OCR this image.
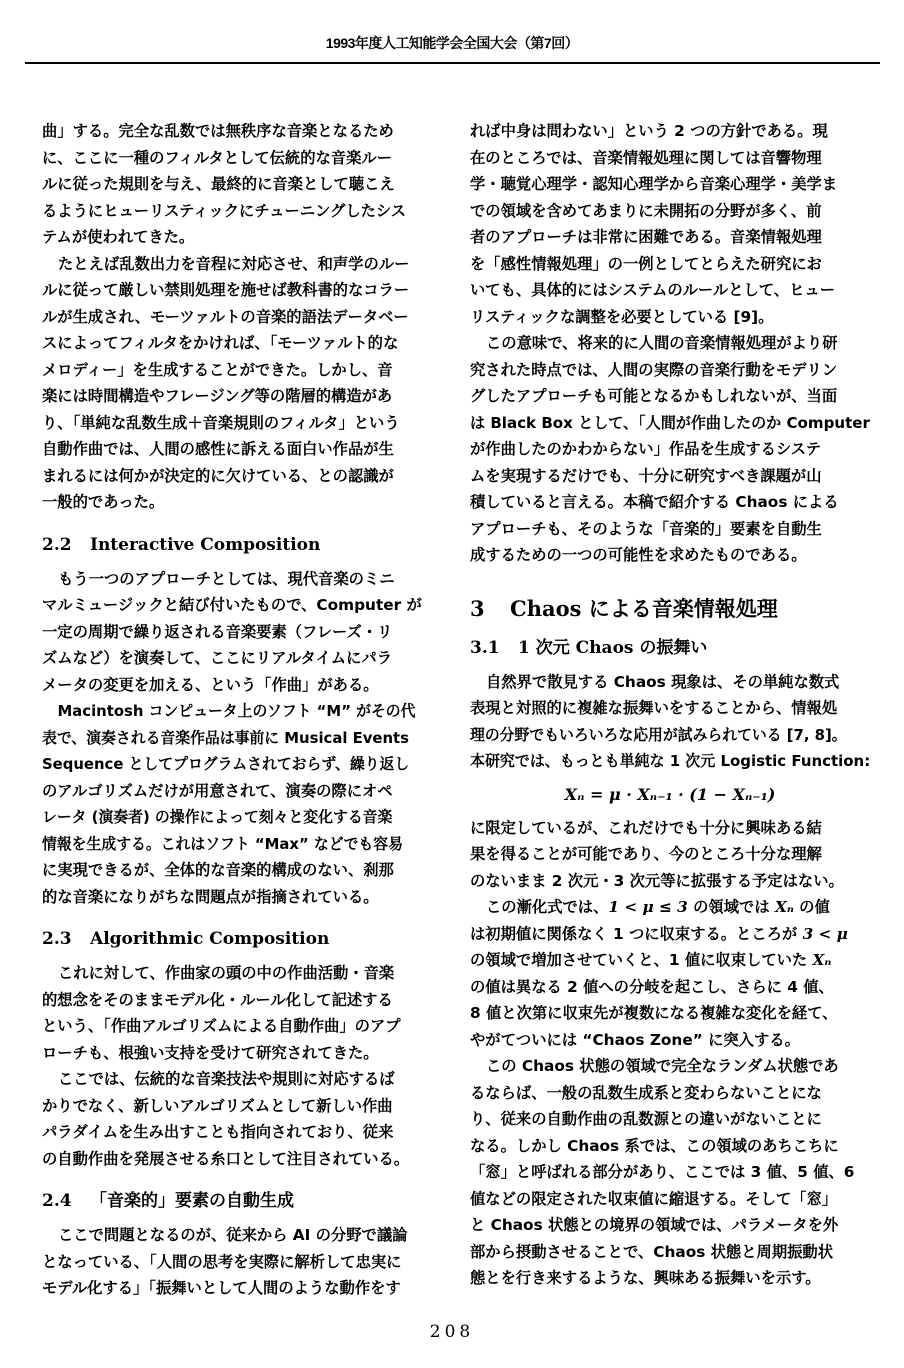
1993年度人工知能学会全国大会（第7回）
曲」する。完全な乱数では無秩序な音楽となるため
に、ここに一種のフィルタとして伝統的な音楽ルー
ルに従った規則を与え、最終的に音楽として聴こえ
るようにヒューリスティックにチューニングしたシス
テムが使われてきた。
たとえば乱数出力を音程に対応させ、和声学のルー
ルに従って厳しい禁則処理を施せば教科書的なコラー
ルが生成され、モーツァルトの音楽的語法データベー
スによってフィルタをかければ、「モーツァルト的な
メロディー」を生成することができた。しかし、音
楽には時間構造やフレージング等の階層的構造があ
り、「単純な乱数生成＋音楽規則のフィルタ」という
自動作曲では、人間の感性に訴える面白い作品が生
まれるには何かが決定的に欠けている、との認識が
一般的であった。
2.2 Interactive Composition
もう一つのアプローチとしては、現代音楽のミニ
マルミュージックと結び付いたもので、Computer が
一定の周期で繰り返される音楽要素（フレーズ・リ
ズムなど）を演奏して、ここにリアルタイムにパラ
メータの変更を加える、という「作曲」がある。
Macintosh コンピュータ上のソフト “M” がその代
表で、演奏される音楽作品は事前に Musical Events
Sequence としてプログラムされておらず、繰り返し
のアルゴリズムだけが用意されて、演奏の際にオペ
レータ (演奏者) の操作によって刻々と変化する音楽
情報を生成する。これはソフト “Max” などでも容易
に実現できるが、全体的な音楽的構成のない、刹那
的な音楽になりがちな問題点が指摘されている。
2.3 Algorithmic Composition
これに対して、作曲家の頭の中の作曲活動・音楽
的想念をそのままモデル化・ルール化して記述する
という、「作曲アルゴリズムによる自動作曲」のアプ
ローチも、根強い支持を受けて研究されてきた。
ここでは、伝統的な音楽技法や規則に対応するば
かりでなく、新しいアルゴリズムとして新しい作曲
パラダイムを生み出すことも指向されており、従来
の自動作曲を発展させる糸口として注目されている。
2.4 「音楽的」要素の自動生成
ここで問題となるのが、従来から AI の分野で議論
となっている、「人間の思考を実際に解析して忠実に
モデル化する」「振舞いとして人間のような動作をす
れば中身は問わない」という 2 つの方針である。現
在のところでは、音楽情報処理に関しては音響物理
学・聴覚心理学・認知心理学から音楽心理学・美学ま
での領域を含めてあまりに未開拓の分野が多く、前
者のアプローチは非常に困難である。音楽情報処理
を「感性情報処理」の一例としてとらえた研究にお
いても、具体的にはシステムのルールとして、ヒュー
リスティックな調整を必要としている [9]。
この意味で、将来的に人間の音楽情報処理がより研
究された時点では、人間の実際の音楽行動をモデリン
グしたアプローチも可能となるかもしれないが、当面
は Black Box として、「人間が作曲したのか Computer
が作曲したのかわからない」作品を生成するシステ
ムを実現するだけでも、十分に研究すべき課題が山
積していると言える。本稿で紹介する Chaos による
アプローチも、そのような「音楽的」要素を自動生
成するための一つの可能性を求めたものである。
3 Chaos による音楽情報処理
3.1 1 次元 Chaos の振舞い
自然界で散見する Chaos 現象は、その単純な数式
表現と対照的に複雑な振舞いをすることから、情報処
理の分野でもいろいろな応用が試みられている [7, 8]。
本研究では、もっとも単純な 1 次元 Logistic Function:
Xₙ = μ · Xₙ₋₁ · (1 − Xₙ₋₁)
に限定しているが、これだけでも十分に興味ある結
果を得ることが可能であり、今のところ十分な理解
のないまま 2 次元・3 次元等に拡張する予定はない。
この漸化式では、1 < μ ≤ 3 の領域では Xₙ の値
は初期値に関係なく 1 つに収束する。ところが 3 < μ
の領域で増加させていくと、1 値に収束していた Xₙ
の値は異なる 2 値への分岐を起こし、さらに 4 値、
8 値と次第に収束先が複数になる複雑な変化を経て、
やがてついには “Chaos Zone” に突入する。
この Chaos 状態の領域で完全なランダム状態であ
るならば、一般の乱数生成系と変わらないことにな
り、従来の自動作曲の乱数源との違いがないことに
なる。しかし Chaos 系では、この領域のあちこちに
「窓」と呼ばれる部分があり、ここでは 3 値、5 値、6
値などの限定された収束値に縮退する。そして「窓」
と Chaos 状態との境界の領域では、パラメータを外
部から摂動させることで、Chaos 状態と周期振動状
態とを行き来するような、興味ある振舞いを示す。
208
